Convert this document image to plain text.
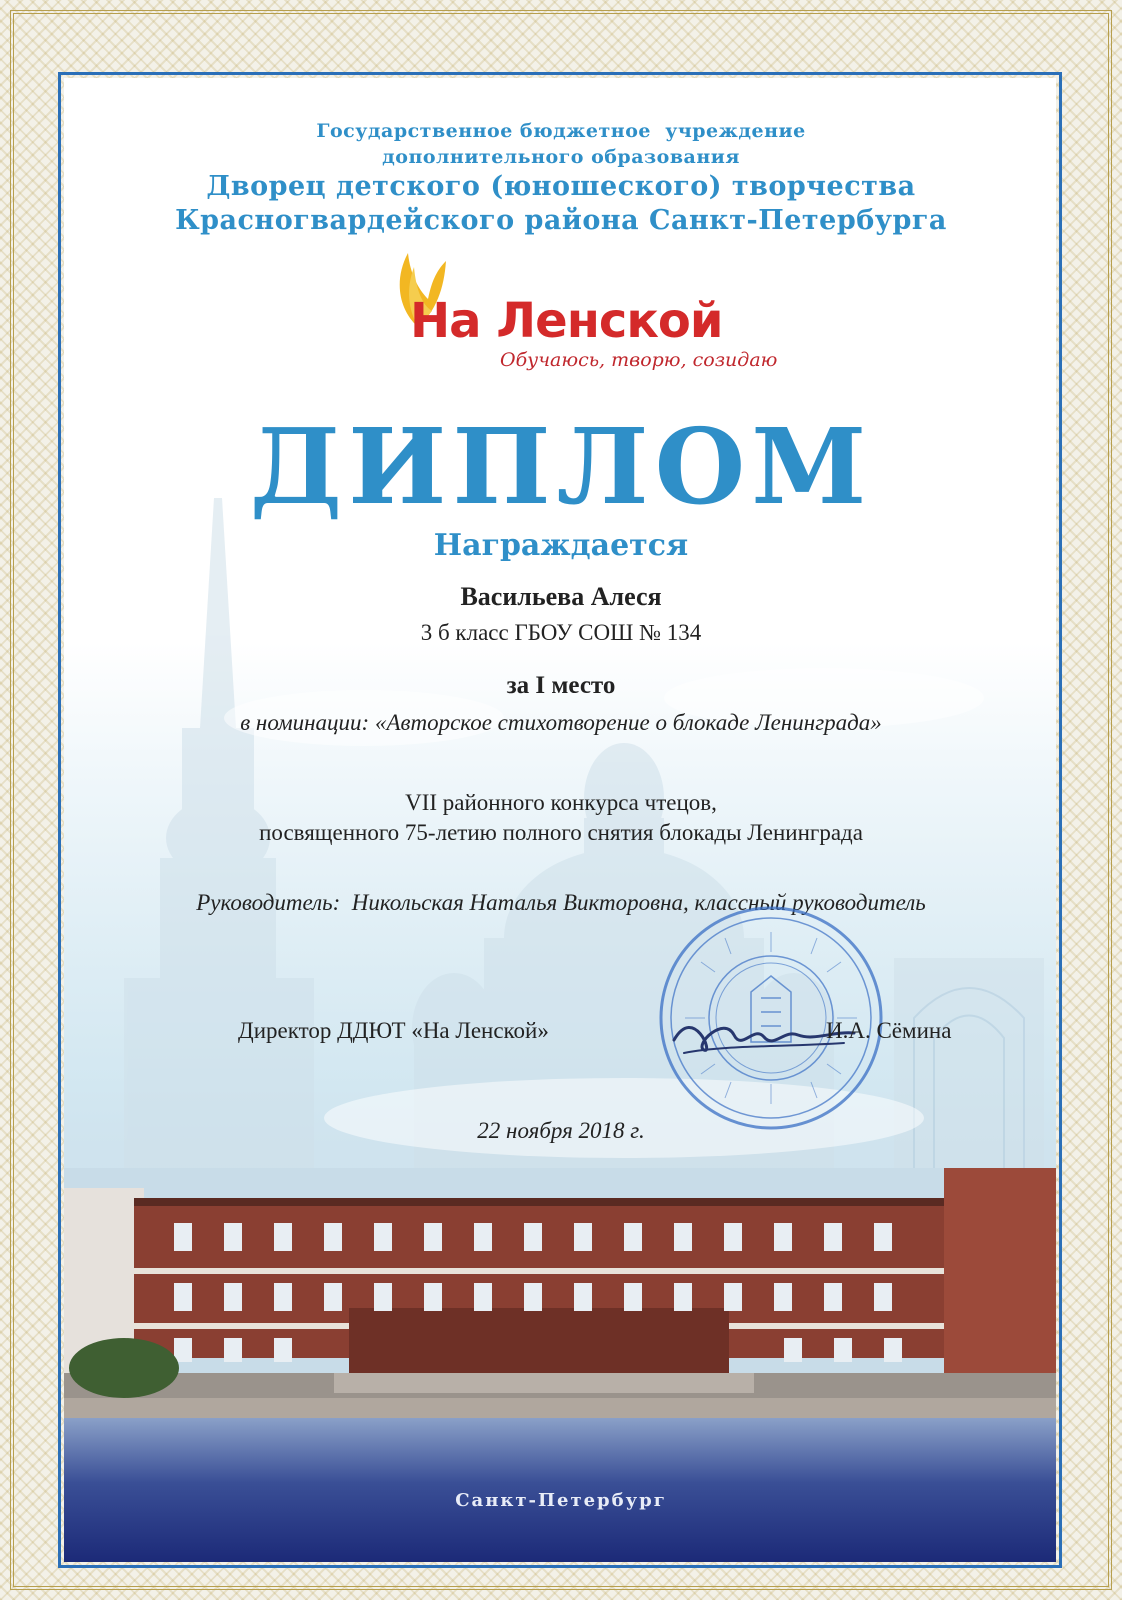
Государственное бюджетное  учреждение
дополнительного образования
Дворец детского (юношеского) творчества
Красногвардейского района Санкт-Петербурга
На Ленской
Обучаюсь, творю, созидаю
ДИПЛОМ
Награждается
Васильева Алеся
3 б класс ГБОУ СОШ № 134
за I место
в номинации: «Авторское стихотворение о блокаде Ленинграда»
VII районного конкурса чтецов,
посвященного 75-летию полного снятия блокады Ленинграда
Руководитель:  Никольская Наталья Викторовна, классный руководитель
Директор ДДЮТ «На Ленской»	И.А. Сёмина
22 ноября 2018 г.
Санкт-Петербург
